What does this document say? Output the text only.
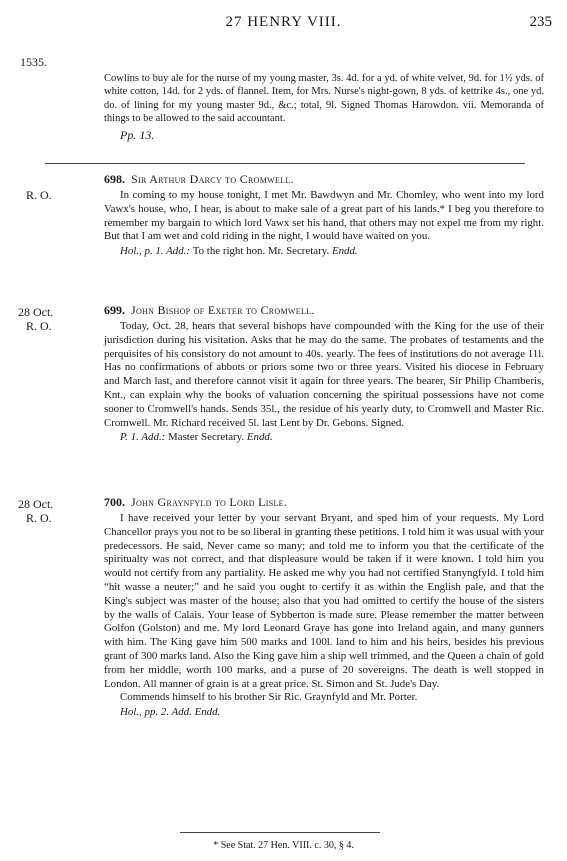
27 HENRY VIII.	235
1535.

Cowlins to buy ale for the nurse of my young master, 3s. 4d. for a yd. of white velvet, 9d. for 1½ yds. of white cotton, 14d. for 2 yds. of flannel. Item, for Mrs. Nurse's night-gown, 8 yds. of kettrike 4s., one yd. do. of lining for my young master 9d., &c.; total, 9l. Signed Thomas Harowdon. vii. Memoranda of things to be allowed to the said accountant.

Pp. 13.

R. O.
698. Sir Arthur Darcy to Cromwell.

In coming to my house tonight, I met Mr. Bawdwyn and Mr. Chomley, who went into my lord Vawx's house, who, I hear, is about to make sale of a great part of his lands.* I beg you therefore to remember my bargain to which lord Vawx set his hand, that others may not expel me from my right. But that I am wet and cold riding in the night, I would have waited on you.

Hol., p. 1. Add.: To the right hon. Mr. Secretary. Endd.

28 Oct.
R. O.
699. John Bishop of Exeter to Cromwell.

Today, Oct. 28, hears that several bishops have compounded with the King for the use of their jurisdiction during his visitation. Asks that he may do the same. The probates of testaments and the perquisites of his consistory do not amount to 40s. yearly. The fees of institutions do not average 11l. Has no confirmations of abbots or priors some two or three years. Visited his diocese in February and March last, and therefore cannot visit it again for three years. The bearer, Sir Philip Chamberis, Knt., can explain why the books of valuation concerning the spiritual possessions have not come sooner to Cromwell's hands. Sends 35l., the residue of his yearly duty, to Cromwell and Master Ric. Cromwell. Mr. Richard received 5l. last Lent by Dr. Gebons. Signed.

P. 1. Add.: Master Secretary. Endd.

28 Oct.
R. O.
700. John Graynfyld to Lord Lisle.

I have received your letter by your servant Bryant, and sped him of your requests. My Lord Chancellor prays you not to be so liberal in granting these petitions. I told him it was usual with your predecessors. He said, Never came so many; and told me to inform you that the certificate of the spiritualty was not correct, and that displeasure would be taken if it were known. I told him you would not certify from any partiality. He asked me why you had not certified Stanyngfyld. I told him “hit wasse a neuter;” and he said you ought to certify it as within the English pale, and that the King's subject was master of the house; also that you had omitted to certify the house of the sisters by the walls of Calais. Your lease of Sybberton is made sure. Please remember the matter between Golfon (Golston) and me. My lord Leonard Graye has gone into Ireland again, and many gunners with him. The King gave him 500 marks and 100l. land to him and his heirs, besides his previous grant of 300 marks land. Also the King gave him a ship well trimmed, and the Queen a chain of gold from her middle, worth 100 marks, and a purse of 20 sovereigns. The death is well stopped in London. All manner of grain is at a great price. St. Simon and St. Jude's Day.

Commends himself to his brother Sir Ric. Graynfyld and Mr. Porter.

Hol., pp. 2. Add. Endd.

* See Stat. 27 Hen. VIII. c. 30, § 4.
